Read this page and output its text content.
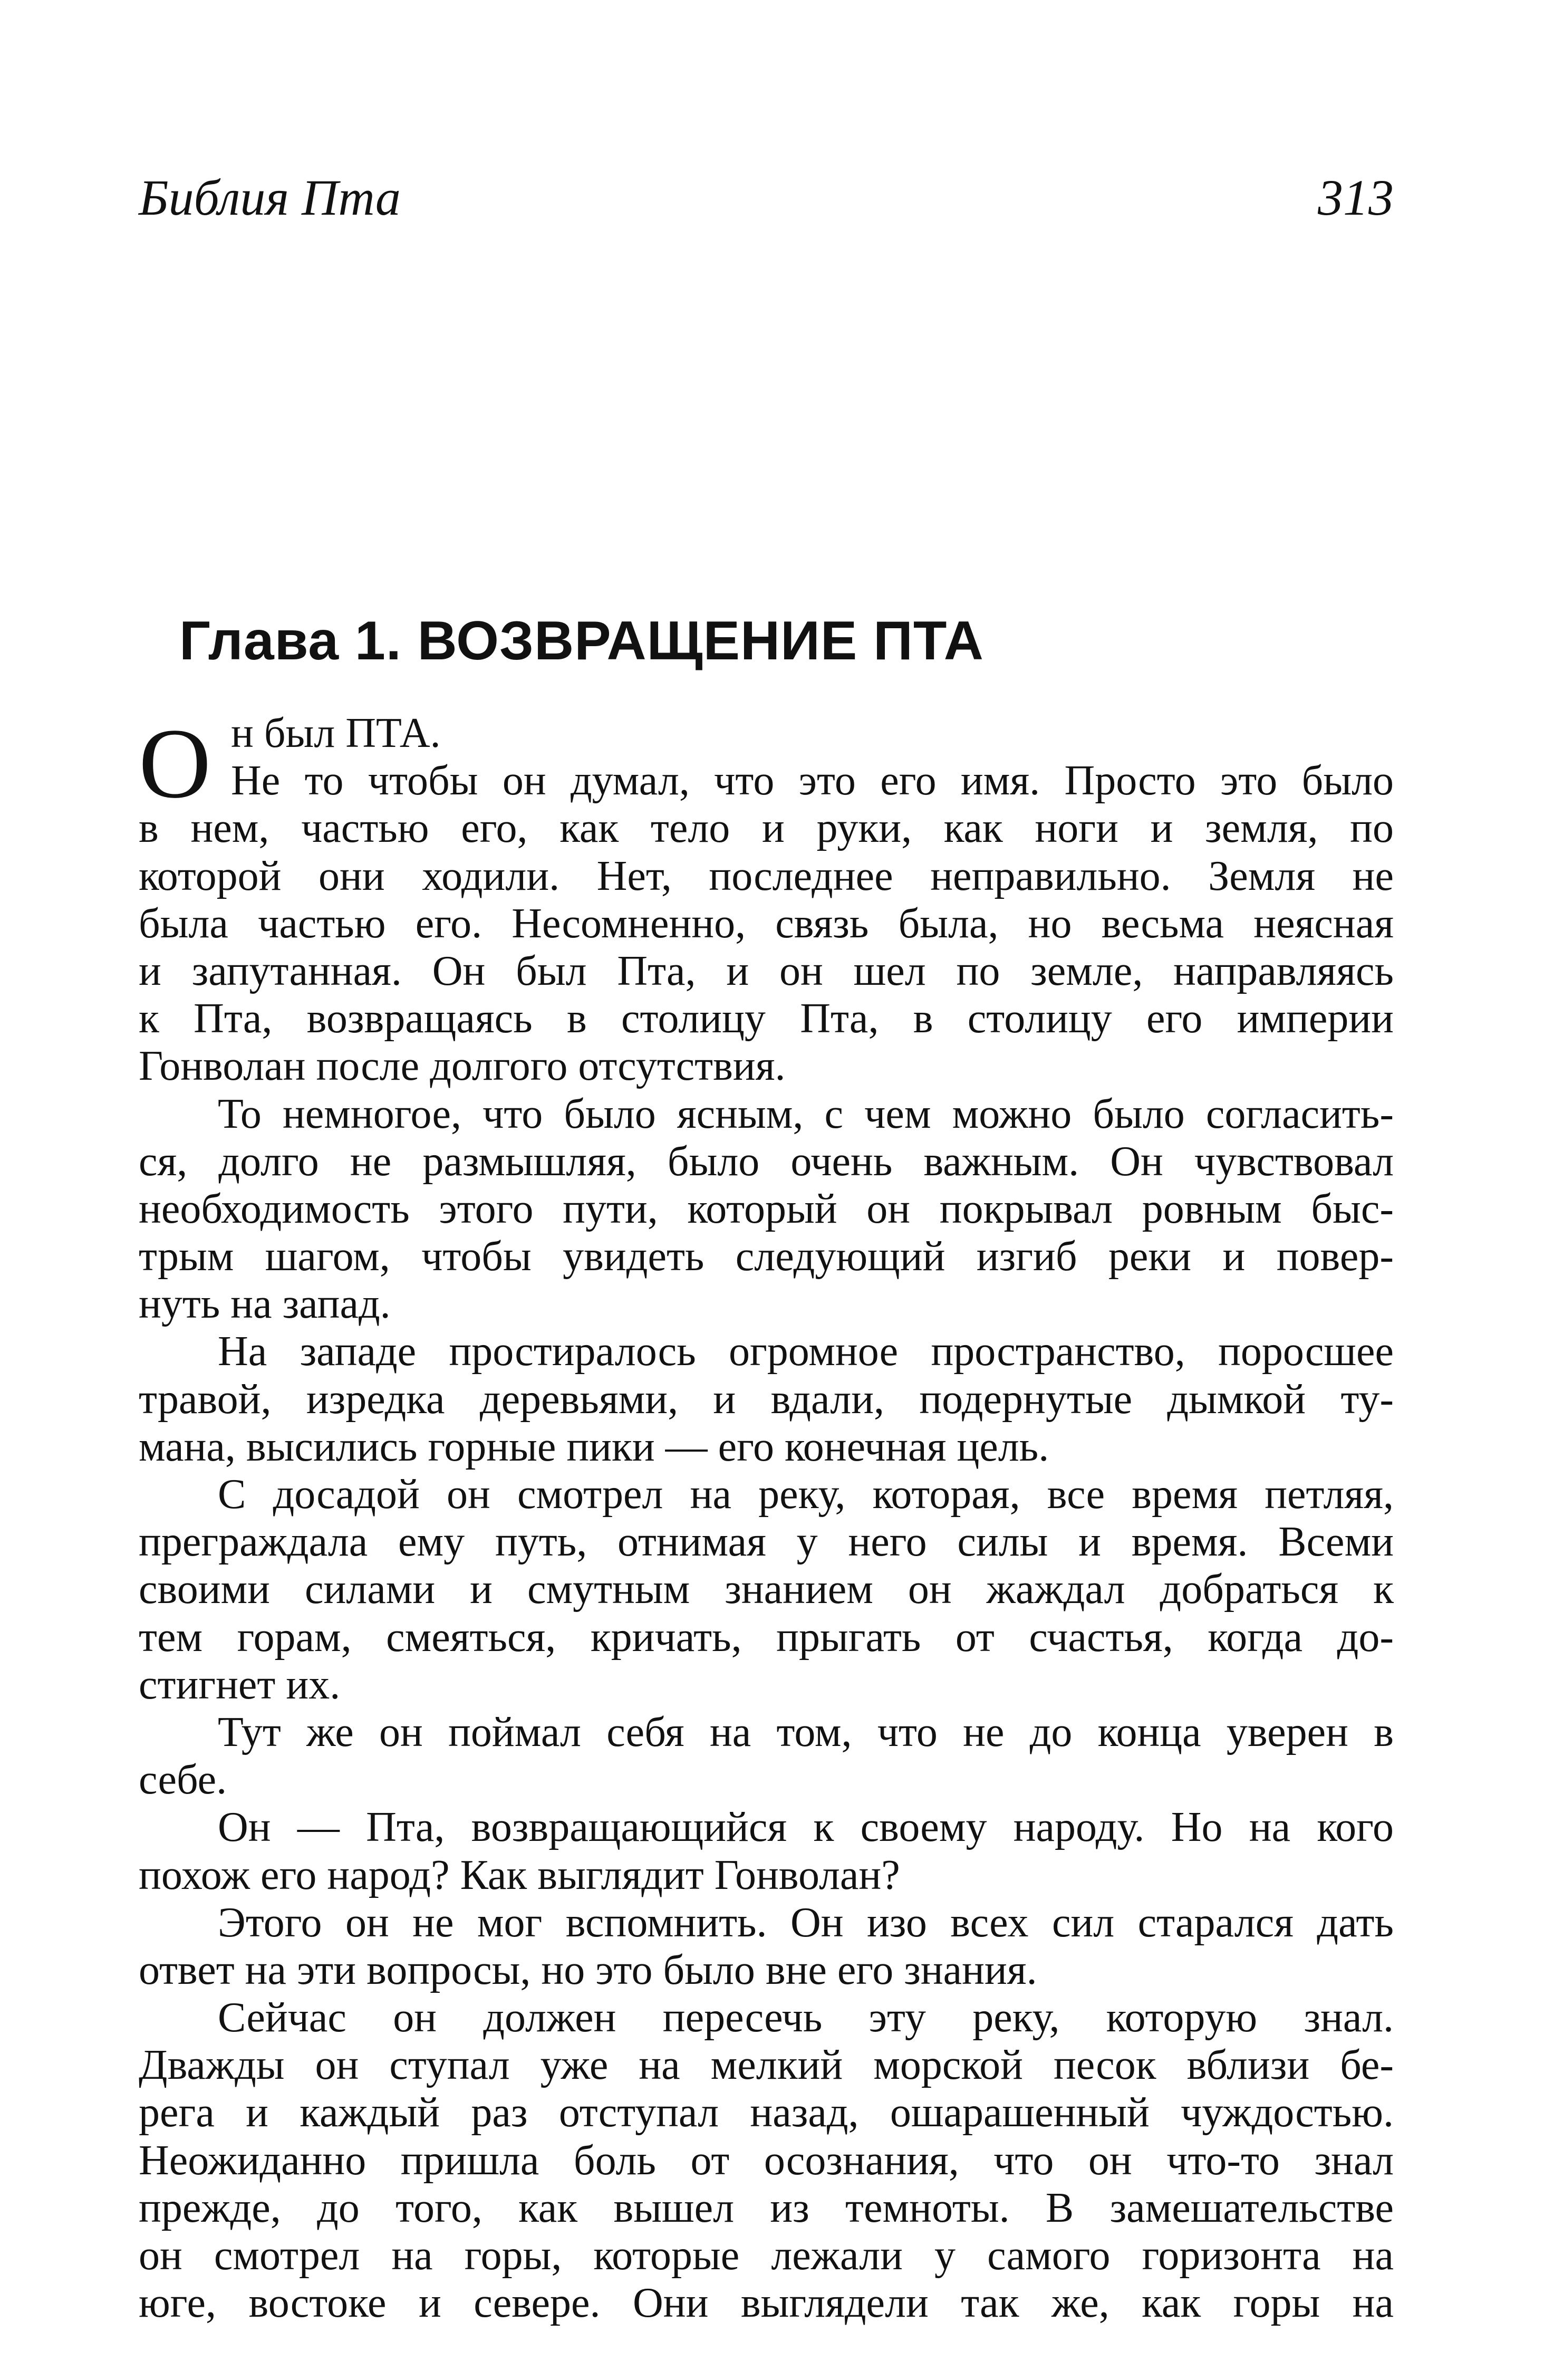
Библия Пта	313
Глава 1. ВОЗВРАЩЕНИЕ ПТА
О н был ПТА.
Не то чтобы он думал, что это его имя. Просто это было
в нем, частью его, как тело и руки, как ноги и земля, по
которой они ходили. Нет, последнее неправильно. Земля не
была частью его. Несомненно, связь была, но весьма неясная
и запутанная. Он был Пта, и он шел по земле, направляясь
к Пта, возвращаясь в столицу Пта, в столицу его империи
Гонволан после долгого отсутствия.
То немногое, что было ясным, с чем можно было согласить-
ся, долго не размышляя, было очень важным. Он чувствовал
необходимость этого пути, который он покрывал ровным быс-
трым шагом, чтобы увидеть следующий изгиб реки и повер-
нуть на запад.
На западе простиралось огромное пространство, поросшее
травой, изредка деревьями, и вдали, подернутые дымкой ту-
мана, высились горные пики — его конечная цель.
С досадой он смотрел на реку, которая, все время петляя,
преграждала ему путь, отнимая у него силы и время. Всеми
своими силами и смутным знанием он жаждал добраться к
тем горам, смеяться, кричать, прыгать от счастья, когда до-
стигнет их.
Тут же он поймал себя на том, что не до конца уверен в
себе.
Он — Пта, возвращающийся к своему народу. Но на кого
похож его народ? Как выглядит Гонволан?
Этого он не мог вспомнить. Он изо всех сил старался дать
ответ на эти вопросы, но это было вне его знания.
Сейчас он должен пересечь эту реку, которую знал.
Дважды он ступал уже на мелкий морской песок вблизи бе-
рега и каждый раз отступал назад, ошарашенный чуждостью.
Неожиданно пришла боль от осознания, что он что-то знал
прежде, до того, как вышел из темноты. В замешательстве
он смотрел на горы, которые лежали у самого горизонта на
юге, востоке и севере. Они выглядели так же, как горы на
